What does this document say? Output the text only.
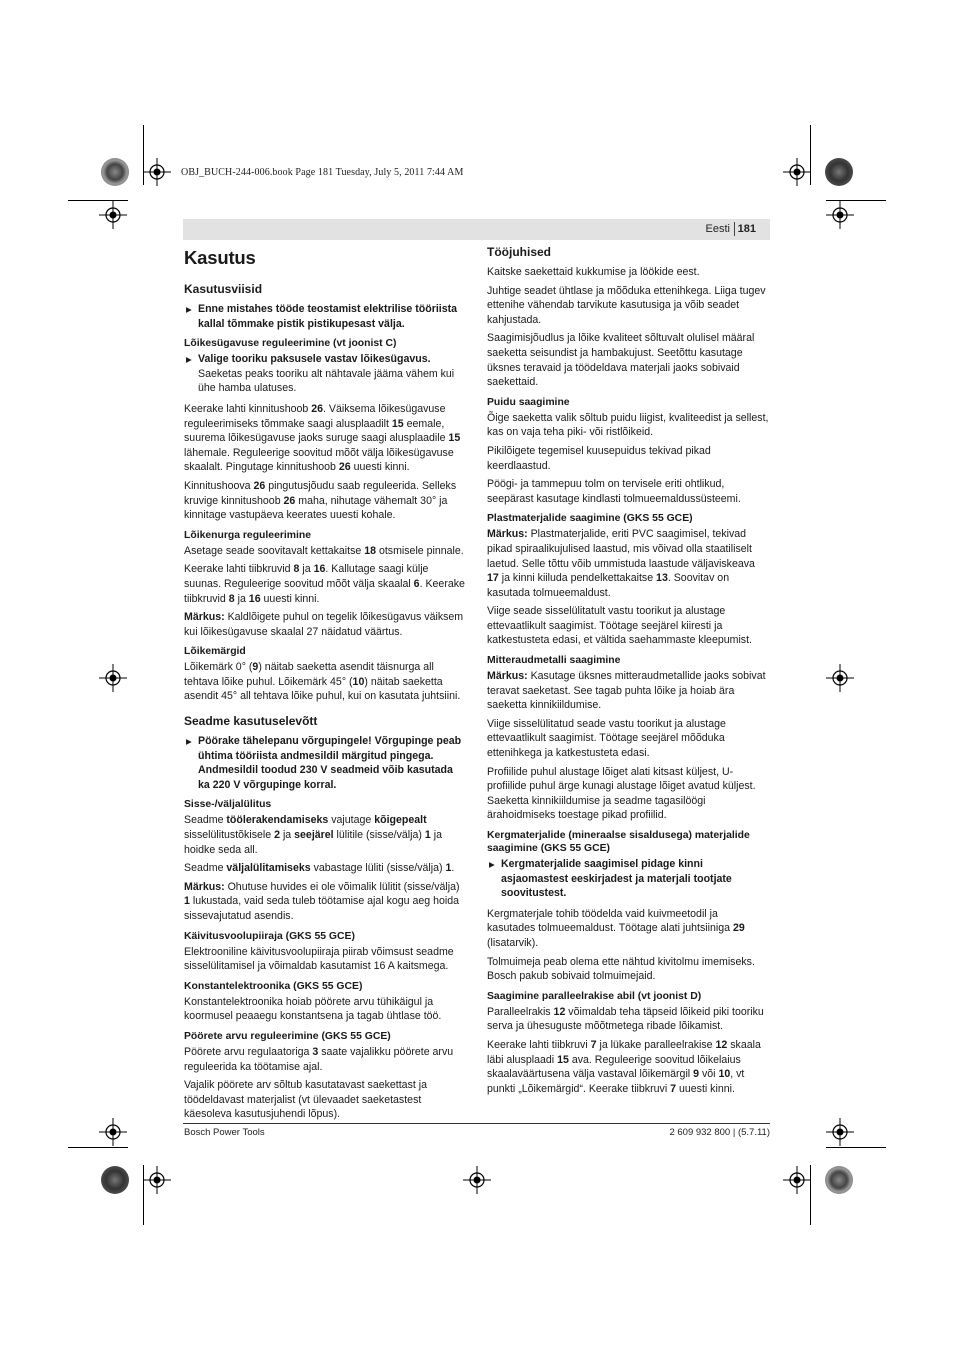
OBJ_BUCH-244-006.book Page 181 Tuesday, July 5, 2011 7:44 AM
Eesti 181
Kasutus
Kasutusviisid

▶ Enne mistahes tööde teostamist elektrilise tööriista kallal tõmmake pistik pistikupesast välja.

Lõikesügavuse reguleerimine (vt joonist C)

▶ Valige tooriku paksusele vastav lõikesügavus. Saeketas peaks tooriku alt nähtavale jääma vähem kui ühe hamba ulatuses.

Keerake lahti kinnitushoob 26. Väiksema lõikesügavuse reguleerimiseks tõmmake saagi alusplaadilt 15 eemale, suurema lõikesügavuse jaoks suruge saagi alusplaadile 15 lähemale. Reguleerige soovitud mõõt välja lõikesügavuse skaalalt. Pingutage kinnitushoob 26 uuesti kinni.

Kinnitushoova 26 pingutusjõudu saab reguleerida. Selleks kruvige kinnitushoob 26 maha, nihutage vähemalt 30° ja kinnitage vastupäeva keerates uuesti kohale.

Lõikenurga reguleerimine

Asetage seade soovitavalt kettakaitse 18 otsmisele pinnale.

Keerake lahti tiibkruvid 8 ja 16. Kallutage saagi külje suunas. Reguleerige soovitud mõõt välja skaalal 6. Keerake tiibkruvid 8 ja 16 uuesti kinni.

Märkus: Kaldlõigete puhul on tegelik lõikesügavus väiksem kui lõikesügavuse skaalal 27 näidatud väärtus.

Lõikemärgid

Lõikemärk 0° (9) näitab saeketta asendit täisnurga all tehtava lõike puhul. Lõikemärk 45° (10) näitab saeketta asendit 45° all tehtava lõike puhul, kui on kasutata juhtsiini.

Seadme kasutuselevõtt

▶ Pöörake tähelepanu võrgupingele! Võrgupinge peab ühtima tööriista andmesildil märgitud pingega. Andmesildil toodud 230 V seadmeid võib kasutada ka 220 V võrgupinge korral.

Sisse-/väljalülitus

Seadme töölerakendamiseks vajutage kõigepealt sisselülitustõkisele 2 ja seejärel lülitile (sisse/välja) 1 ja hoidke seda all.

Seadme väljalülitamiseks vabastage lüliti (sisse/välja) 1.

Märkus: Ohutuse huvides ei ole võimalik lülitit (sisse/välja) 1 lukustada, vaid seda tuleb töötamise ajal kogu aeg hoida sissevajutatud asendis.

Käivitusvoolupiiraja (GKS 55 GCE)

Elektrooniline käivitusvoolupiiraja piirab võimsust seadme sisselülitamisel ja võimaldab kasutamist 16 A kaitsmega.

Konstantelektroonika (GKS 55 GCE)

Konstantelektroonika hoiab pöörete arvu tühikäigul ja koormusel peaaegu konstantsena ja tagab ühtlase töö.

Pöörete arvu reguleerimine (GKS 55 GCE)

Pöörete arvu regulaatoriga 3 saate vajalikku pöörete arvu reguleerida ka töötamise ajal.

Vajalik pöörete arv sõltub kasutatavast saekettast ja töödeldavast materjalist (vt ülevaadet saeketastest käesoleva kasutusjuhendi lõpus).

Tööjuhised

Kaitske saekettaid kukkumise ja löökide eest.

Juhtige seadet ühtlase ja mõõduka ettenihkega. Liiga tugev ettenihe vähendab tarvikute kasutusiga ja võib seadet kahjustada.

Saagimisjõudlus ja lõike kvaliteet sõltuvalt olulisel määral saeketta seisundist ja hambakujust. Seetõttu kasutage üksnes teravaid ja töödeldava materjali jaoks sobivaid saekettaid.

Puidu saagimine

Õige saeketta valik sõltub puidu liigist, kvaliteedist ja sellest, kas on vaja teha piki- või ristlõikeid.

Pikilõigete tegemisel kuusepuidus tekivad pikad keerdlaastud.

Pöögi- ja tammepuu tolm on tervisele eriti ohtlikud, seepärast kasutage kindlasti tolmueemaldussüsteemi.

Plastmaterjalide saagimine (GKS 55 GCE)

Märkus: Plastmaterjalide, eriti PVC saagimisel, tekivad pikad spiraalikujulised laastud, mis võivad olla staatiliselt laetud. Selle tõttu võib ummistuda laastude väljaviskeava 17 ja kinni kiiluda pendelkettakaitse 13. Soovitav on kasutada tolmueemaldust.

Viige seade sisselülitatult vastu toorikut ja alustage ettevaatlikult saagimist. Töötage seejärel kiiresti ja katkestusteta edasi, et vältida saehammaste kleepumist.

Mitteraudmetalli saagimine

Märkus: Kasutage üksnes mitteraudmetallide jaoks sobivat teravat saeketast. See tagab puhta lõike ja hoiab ära saeketta kinnikiildumise.

Viige sisselülitatud seade vastu toorikut ja alustage ettevaatlikult saagimist. Töötage seejärel mõõduka ettenihkega ja katkestusteta edasi.

Profiilide puhul alustage lõiget alati kitsast küljest, U-profiilide puhul ärge kunagi alustage lõiget avatud küljest. Saeketta kinnikiildumise ja seadme tagasilöögi ärahoidmiseks toestage pikad profiilid.

Kergmaterjalide (mineraalse sisaldusega) materjalide saagimine (GKS 55 GCE)

▶ Kergmaterjalide saagimisel pidage kinni asjaomastest eeskirjadest ja materjali tootjate soovitustest.

Kergmaterjale tohib töödelda vaid kuivmeetodil ja kasutades tolmueemaldust. Töötage alati juhtsiiniga 29 (lisatarvik).

Tolmuimeja peab olema ette nähtud kivitolmu imemiseks. Bosch pakub sobivaid tolmuimejaid.

Saagimine paralleelrakise abil (vt joonist D)

Paralleelrakis 12 võimaldab teha täpseid lõikeid piki tooriku serva ja ühesuguste mõõtmetega ribade lõikamist.

Keerake lahti tiibkruvi 7 ja lükake paralleelrakise 12 skaala läbi alusplaadi 15 ava. Reguleerige soovitud lõikelaius skaalaväärtusena välja vastaval lõikemärgil 9 või 10, vt punkti „Lõikemärgid“. Keerake tiibkruvi 7 uuesti kinni.

Bosch Power Tools	2 609 932 800 | (5.7.11)
